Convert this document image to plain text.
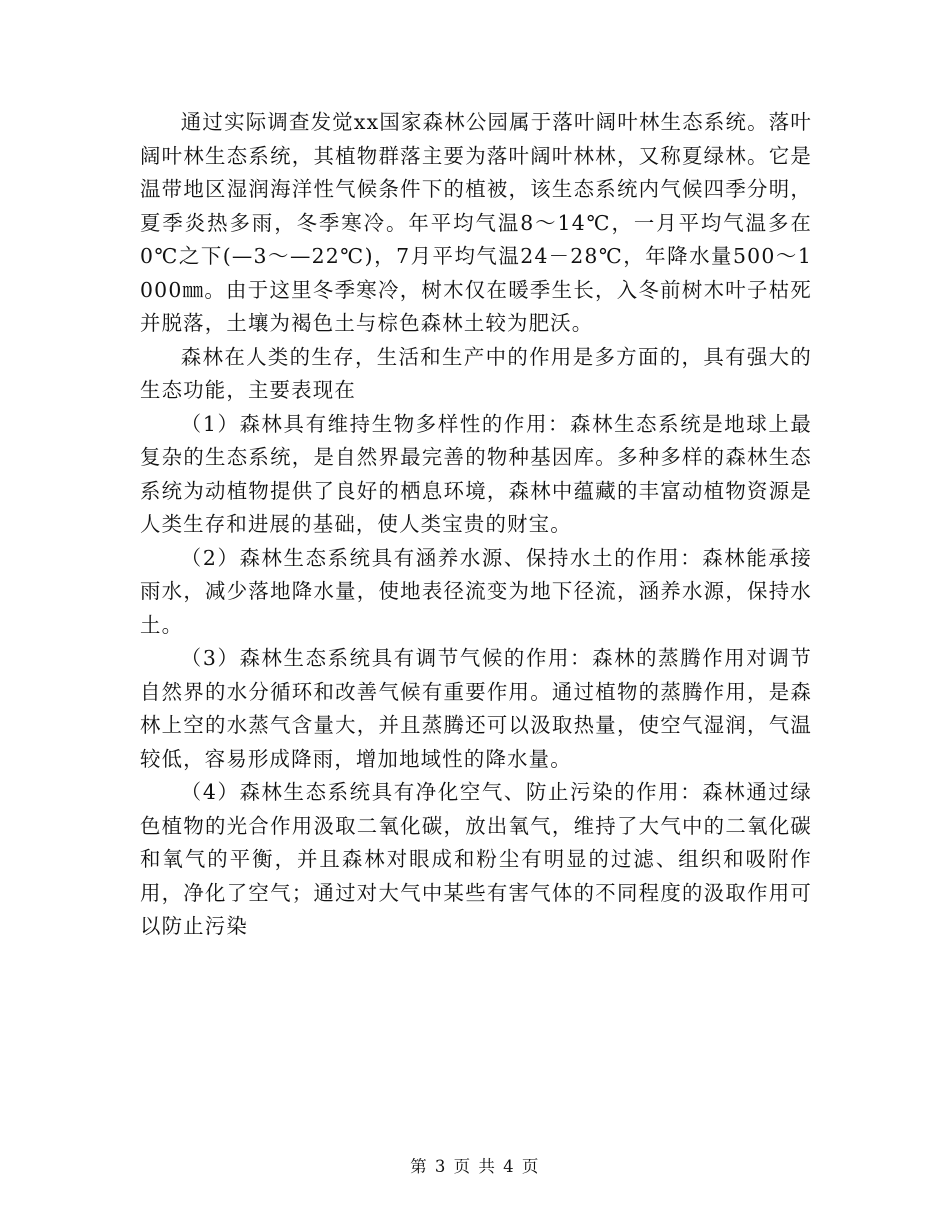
通过实际调查发觉xx国家森林公园属于落叶阔叶林生态系统。落叶阔叶林生态系统，其植物群落主要为落叶阔叶林林，又称夏绿林。它是温带地区湿润海洋性气候条件下的植被，该生态系统内气候四季分明，夏季炎热多雨，冬季寒冷。年平均气温8～14℃，一月平均气温多在0℃之下(—3～—22℃)，7月平均气温24－28℃，年降水量500～1 000㎜。由于这里冬季寒冷，树木仅在暖季生长，入冬前树木叶子枯死并脱落，土壤为褐色土与棕色森林土较为肥沃。

森林在人类的生存，生活和生产中的作用是多方面的，具有强大的生态功能，主要表现在

（1）森林具有维持生物多样性的作用：森林生态系统是地球上最复杂的生态系统，是自然界最完善的物种基因库。多种多样的森林生态系统为动植物提供了良好的栖息环境，森林中蕴藏的丰富动植物资源是人类生存和进展的基础，使人类宝贵的财宝。

（2）森林生态系统具有涵养水源、保持水土的作用：森林能承接雨水，减少落地降水量，使地表径流变为地下径流，涵养水源，保持水土。

（3）森林生态系统具有调节气候的作用：森林的蒸腾作用对调节自然界的水分循环和改善气候有重要作用。通过植物的蒸腾作用，是森林上空的水蒸气含量大，并且蒸腾还可以汲取热量，使空气湿润，气温较低，容易形成降雨，增加地域性的降水量。

（4）森林生态系统具有净化空气、防止污染的作用：森林通过绿色植物的光合作用汲取二氧化碳，放出氧气，维持了大气中的二氧化碳和氧气的平衡，并且森林对眼成和粉尘有明显的过滤、组织和吸附作用，净化了空气；通过对大气中某些有害气体的不同程度的汲取作用可以防止污染

第 3 页 共 4 页
